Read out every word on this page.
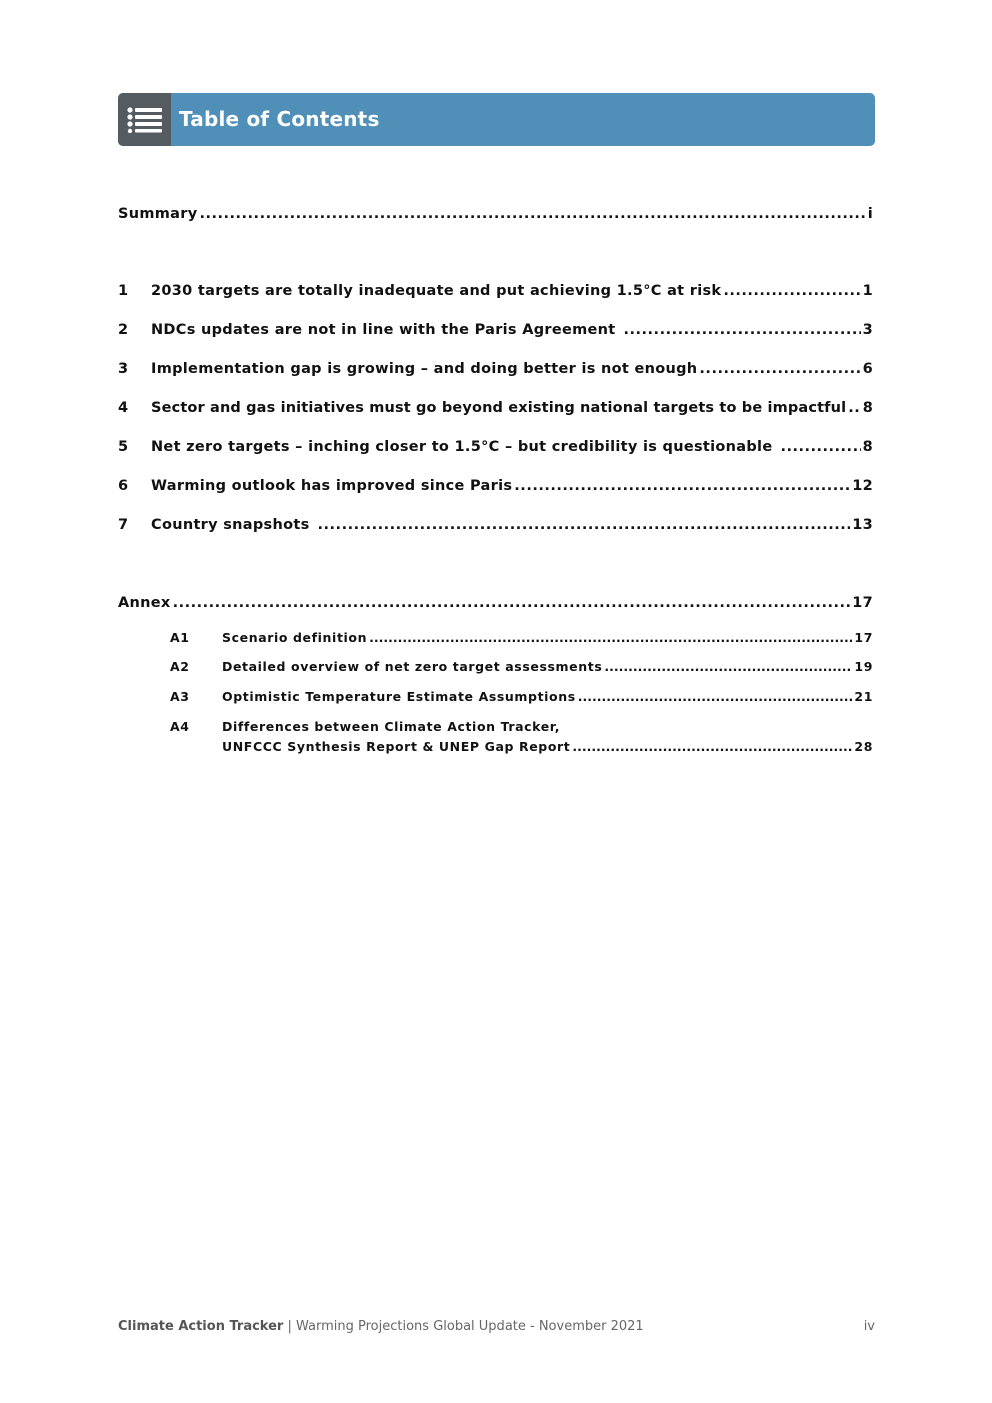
Table of Contents
Summary .....	i
1	2030 targets are totally inadequate and put achieving 1.5°C at risk .....	1
2	NDCs updates are not in line with the Paris Agreement .....	3
3	Implementation gap is growing – and doing better is not enough .....	6
4	Sector and gas initiatives must go beyond existing national targets to be impactful ..... 8
5	Net zero targets – inching closer to 1.5°C – but credibility is questionable .....	8
6	Warming outlook has improved since Paris .....	12
7	Country snapshots .....	13
Annex .....	17
A1	Scenario definition .....	17
A2	Detailed overview of net zero target assessments .....	19
A3	Optimistic Temperature Estimate Assumptions .....	21
A4	Differences between Climate Action Tracker,
UNFCCC Synthesis Report & UNEP Gap Report .....	28
Climate Action Tracker | Warming Projections Global Update - November 2021	iv
